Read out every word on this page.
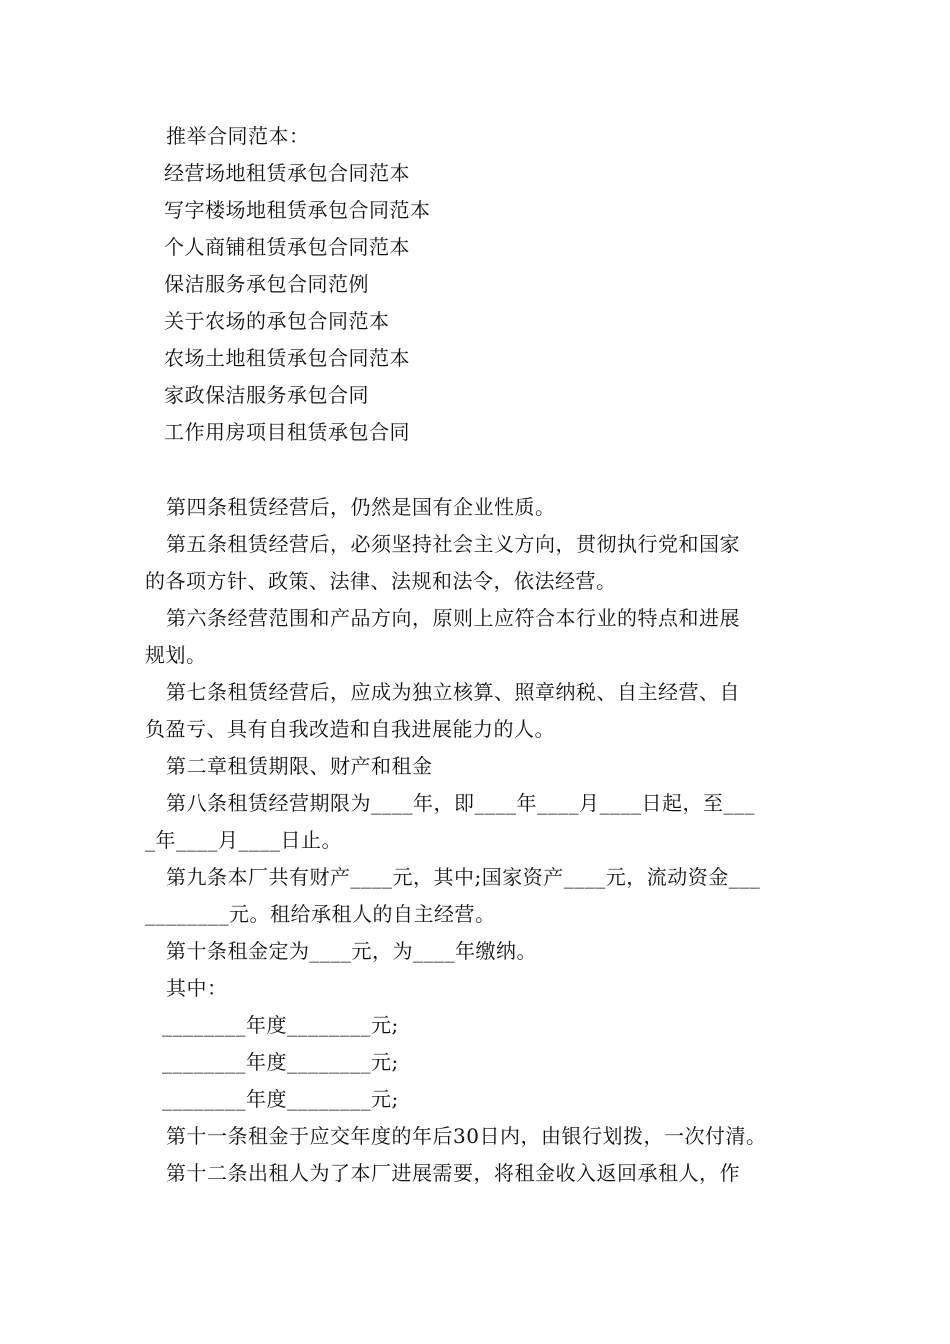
推举合同范本：
经营场地租赁承包合同范本
写字楼场地租赁承包合同范本
个人商铺租赁承包合同范本
保洁服务承包合同范例
关于农场的承包合同范本
农场土地租赁承包合同范本
家政保洁服务承包合同
工作用房项目租赁承包合同
第四条租赁经营后，仍然是国有企业性质。
第五条租赁经营后，必须坚持社会主义方向，贯彻执行党和国家
的各项方针、政策、法律、法规和法令，依法经营。
第六条经营范围和产品方向，原则上应符合本行业的特点和进展
规划。
第七条租赁经营后，应成为独立核算、照章纳税、自主经营、自
负盈亏、具有自我改造和自我进展能力的人。
第二章租赁期限、财产和租金
第八条租赁经营期限为____年，即____年____月____日起，至___
_年____月____日止。
第九条本厂共有财产____元，其中;国家资产____元，流动资金___
________元。租给承租人的自主经营。
第十条租金定为____元，为____年缴纳。
其中：
________年度________元;
________年度________元;
________年度________元;
第十一条租金于应交年度的年后30日内，由银行划拨，一次付清。
第十二条出租人为了本厂进展需要，将租金收入返回承租人，作
